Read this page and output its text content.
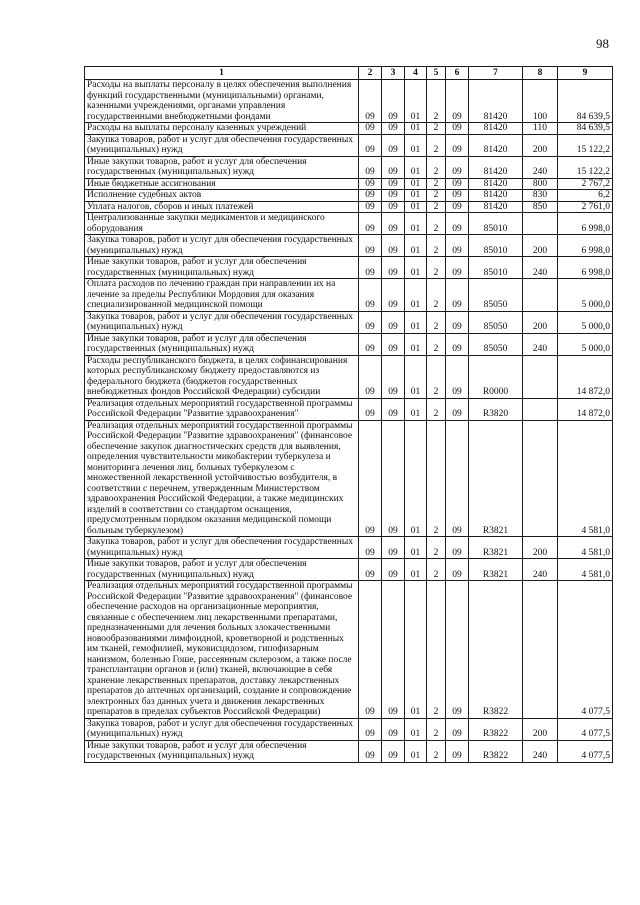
98
1	2	3	4	5	6	7	8	9
Расходы на выплаты персоналу в целях обеспечения выполнения функций государственными (муниципальными) органами, казенными учреждениями, органами управления государственными внебюджетными фондами	09	09	01	2	09	81420	100	84 639,5
Расходы на выплаты персоналу казенных учреждений	09	09	01	2	09	81420	110	84 639,5
Закупка товаров, работ и услуг для обеспечения государственных (муниципальных) нужд	09	09	01	2	09	81420	200	15 122,2
Иные закупки товаров, работ и услуг для обеспечения государственных (муниципальных) нужд	09	09	01	2	09	81420	240	15 122,2
Иные бюджетные ассигнования	09	09	01	2	09	81420	800	2 767,2
Исполнение судебных актов	09	09	01	2	09	81420	830	6,2
Уплата налогов, сборов и иных платежей	09	09	01	2	09	81420	850	2 761,0
Централизованные закупки медикаментов и медицинского оборудования	09	09	01	2	09	85010		6 998,0
Закупка товаров, работ и услуг для обеспечения государственных (муниципальных) нужд	09	09	01	2	09	85010	200	6 998,0
Иные закупки товаров, работ и услуг для обеспечения государственных (муниципальных) нужд	09	09	01	2	09	85010	240	6 998,0
Оплата расходов по лечению граждан при направлении их на лечение за пределы Республики Мордовия для оказания специализированной медицинской помощи	09	09	01	2	09	85050		5 000,0
Закупка товаров, работ и услуг для обеспечения государственных (муниципальных) нужд	09	09	01	2	09	85050	200	5 000,0
Иные закупки товаров, работ и услуг для обеспечения государственных (муниципальных) нужд	09	09	01	2	09	85050	240	5 000,0
Расходы республиканского бюджета, в целях софинансирования которых республиканскому бюджету предоставляются из федерального бюджета (бюджетов государственных внебюджетных фондов Российской Федерации) субсидии	09	09	01	2	09	R0000		14 872,0
Реализация отдельных мероприятий государственной программы Российской Федерации "Развитие здравоохранения"	09	09	01	2	09	R3820		14 872,0
Реализация отдельных мероприятий государственной программы Российской Федерации "Развитие здравоохранения" (финансовое обеспечение закупок диагностических средств для выявления, определения чувствительности микобактерии туберкулеза и мониторинга лечения лиц, больных туберкулезом с множественной лекарственной устойчивостью возбудителя, в соответствии с перечнем, утвержденным Министерством здравоохранения Российской Федерации, а также медицинских изделий в соответствии со стандартом оснащения, предусмотренным порядком оказания медицинской помощи больным туберкулезом)	09	09	01	2	09	R3821		4 581,0
Закупка товаров, работ и услуг для обеспечения государственных (муниципальных) нужд	09	09	01	2	09	R3821	200	4 581,0
Иные закупки товаров, работ и услуг для обеспечения государственных (муниципальных) нужд	09	09	01	2	09	R3821	240	4 581,0
Реализация отдельных мероприятий государственной программы Российской Федерации "Развитие здравоохранения" (финансовое обеспечение расходов на организационные мероприятия, связанные с обеспечением лиц лекарственными препаратами, предназначенными для лечения больных злокачественными новообразованиями лимфоидной, кроветворной и родственных им тканей, гемофилией, муковисцидозом, гипофизарным нанизмом, болезнью Гоше, рассеянным склерозом, а также после трансплантации органов и (или) тканей, включающие в себя хранение лекарственных препаратов, доставку лекарственных препаратов до аптечных организаций, создание и сопровождение электронных баз данных учета и движения лекарственных препаратов в пределах субъектов Российской Федерации)	09	09	01	2	09	R3822		4 077,5
Закупка товаров, работ и услуг для обеспечения государственных (муниципальных) нужд	09	09	01	2	09	R3822	200	4 077,5
Иные закупки товаров, работ и услуг для обеспечения государственных (муниципальных) нужд	09	09	01	2	09	R3822	240	4 077,5
